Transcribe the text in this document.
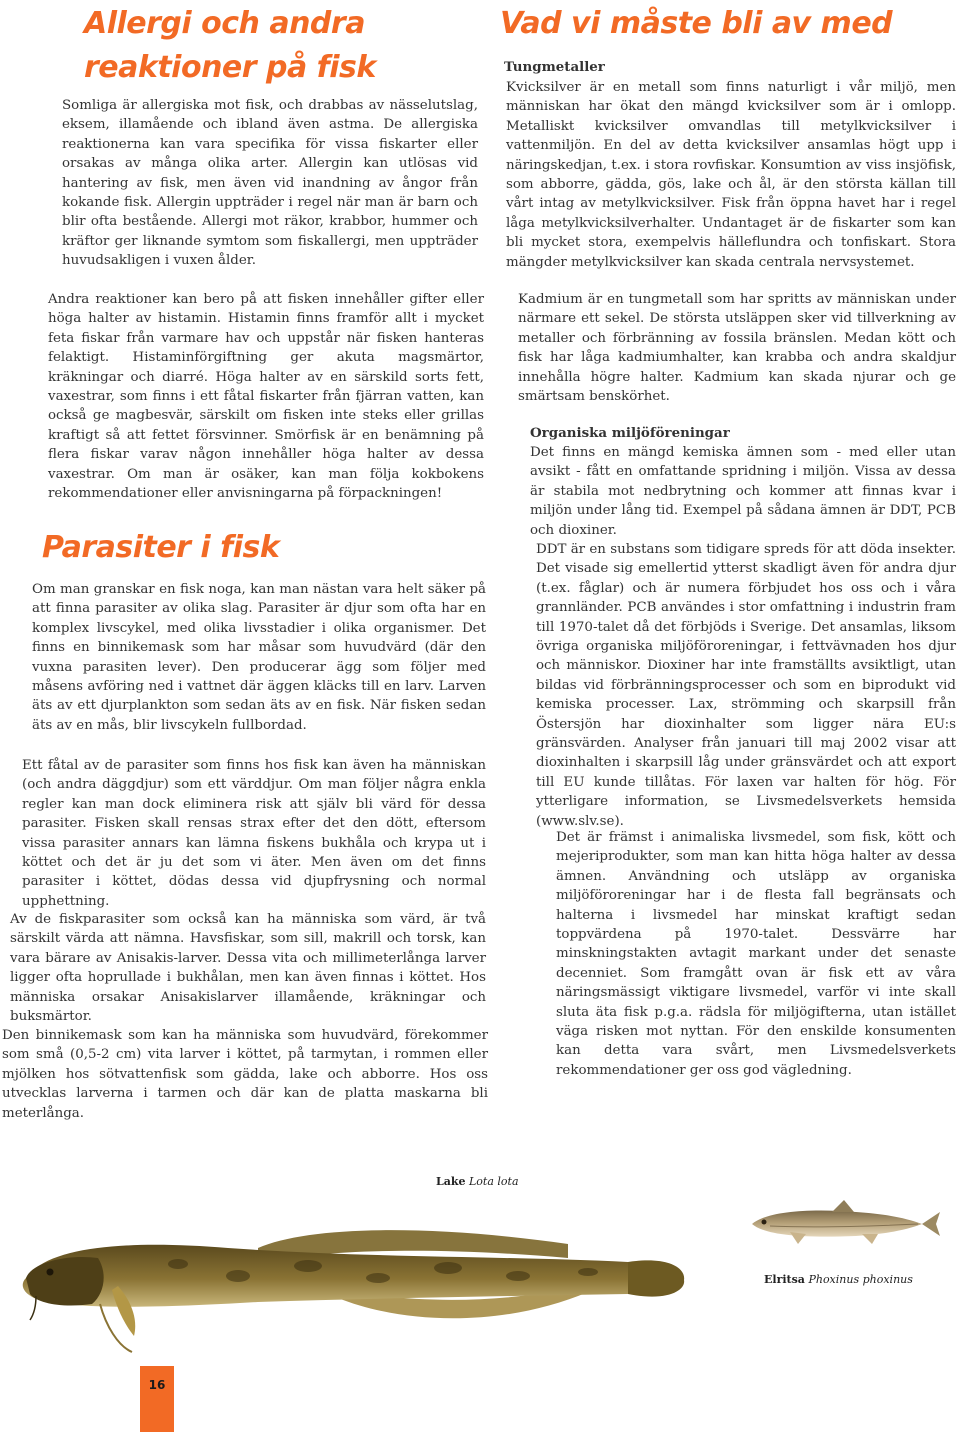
Allergi och andra reaktioner på fisk

Somliga är allergiska mot fisk, och drabbas av nässelutslag, eksem, illamående och ibland även astma. De allergiska reaktionerna kan vara specifika för vissa fiskarter eller orsakas av många olika arter. Allergin kan utlösas vid hantering av fisk, men även vid inandning av ångor från kokande fisk. Allergin uppträder i regel när man är barn och blir ofta bestående. Allergi mot räkor, krabbor, hummer och kräftor ger liknande symtom som fiskallergi, men uppträder huvudsakligen i vuxen ålder.

Andra reaktioner kan bero på att fisken innehåller gifter eller höga halter av histamin. Histamin finns framför allt i mycket feta fiskar från varmare hav och uppstår när fisken hanteras felaktigt. Histaminförgiftning ger akuta magsmärtor, kräkningar och diarré. Höga halter av en särskild sorts fett, vaxestrar, som finns i ett fåtal fiskarter från fjärran vatten, kan också ge magbesvär, särskilt om fisken inte steks eller grillas kraftigt så att fettet försvinner. Smörfisk är en benämning på flera fiskar varav någon innehåller höga halter av dessa vaxestrar. Om man är osäker, kan man följa kokbokens rekommendationer eller anvisningarna på förpackningen!

Parasiter i fisk

Om man granskar en fisk noga, kan man nästan vara helt säker på att finna parasiter av olika slag. Parasiter är djur som ofta har en komplex livscykel, med olika livsstadier i olika organismer. Det finns en binnikemask som har måsar som huvudvärd (där den vuxna parasiten lever). Den producerar ägg som följer med måsens avföring ned i vattnet där äggen kläcks till en larv. Larven äts av ett djurplankton som sedan äts av en fisk. När fisken sedan äts av en mås, blir livscykeln fullbordad.

Ett fåtal av de parasiter som finns hos fisk kan även ha människan (och andra däggdjur) som ett värddjur. Om man följer några enkla regler kan man dock eliminera risk att själv bli värd för dessa parasiter. Fisken skall rensas strax efter det den dött, eftersom vissa parasiter annars kan lämna fiskens bukhåla och krypa ut i köttet och det är ju det som vi äter. Men även om det finns parasiter i köttet, dödas dessa vid djupfrysning och normal upphettning.

Av de fiskparasiter som också kan ha människa som värd, är två särskilt värda att nämna. Havsfiskar, som sill, makrill och torsk, kan vara bärare av Anisakis-larver. Dessa vita och millimeterlånga larver ligger ofta hoprullade i bukhålan, men kan även finnas i köttet. Hos människa orsakar Anisakislarver illamående, kräkningar och buksmärtor.

Den binnikemask som kan ha människa som huvudvärd, förekommer som små (0,5-2 cm) vita larver i köttet, på tarmytan, i rommen eller mjölken hos sötvattenfisk som gädda, lake och abborre. Hos oss utvecklas larverna i tarmen och där kan de platta maskarna bli meterlånga.

Vad vi måste bli av med

Tungmetaller

Kvicksilver är en metall som finns naturligt i vår miljö, men människan har ökat den mängd kvicksilver som är i omlopp. Metalliskt kvicksilver omvandlas till metylkvicksilver i vattenmiljön. En del av detta kvicksilver ansamlas högt upp i näringskedjan, t.ex. i stora rovfiskar. Konsumtion av viss insjöfisk, som abborre, gädda, gös, lake och ål, är den största källan till vårt intag av metylkvicksilver. Fisk från öppna havet har i regel låga metylkvicksilverhalter. Undantaget är de fiskarter som kan bli mycket stora, exempelvis hälleflundra och tonfiskart. Stora mängder metylkvicksilver kan skada centrala nervsystemet.

Kadmium är en tungmetall som har spritts av människan under närmare ett sekel. De största utsläppen sker vid tillverkning av metaller och förbränning av fossila bränslen. Medan kött och fisk har låga kadmiumhalter, kan krabba och andra skaldjur innehålla högre halter. Kadmium kan skada njurar och ge smärtsam benskörhet.

Organiska miljöföreningar

Det finns en mängd kemiska ämnen som - med eller utan avsikt - fått en omfattande spridning i miljön. Vissa av dessa är stabila mot nedbrytning och kommer att finnas kvar i miljön under lång tid. Exempel på sådana ämnen är DDT, PCB och dioxiner.

DDT är en substans som tidigare spreds för att döda insekter. Det visade sig emellertid ytterst skadligt även för andra djur (t.ex. fåglar) och är numera förbjudet hos oss och i våra grannländer. PCB användes i stor omfattning i industrin fram till 1970-talet då det förbjöds i Sverige. Det ansamlas, liksom övriga organiska miljöföroreningar, i fettvävnaden hos djur och människor. Dioxiner har inte framställts avsiktligt, utan bildas vid förbränningsprocesser och som en biprodukt vid kemiska processer. Lax, strömming och skarpsill från Östersjön har dioxinhalter som ligger nära EU:s gränsvärden. Analyser från januari till maj 2002 visar att dioxinhalten i skarpsill låg under gränsvärdet och att export till EU kunde tillåtas. För laxen var halten för hög. För ytterligare information, se Livsmedelsverkets hemsida (www.slv.se).

Det är främst i animaliska livsmedel, som fisk, kött och mejeriprodukter, som man kan hitta höga halter av dessa ämnen. Användning och utsläpp av organiska miljöföroreningar har i de flesta fall begränsats och halterna i livsmedel har minskat kraftigt sedan toppvärdena på 1970-talet. Dessvärre har minskningstakten avtagit markant under det senaste decenniet. Som framgått ovan är fisk ett av våra näringsmässigt viktigare livsmedel, varför vi inte skall sluta äta fisk p.g.a. rädsla för miljögifterna, utan istället väga risken mot nyttan. För den enskilde konsumenten kan detta vara svårt, men Livsmedelsverkets rekommendationer ger oss god vägledning.

Lake Lota lota

Elritsa Phoxinus phoxinus

16
